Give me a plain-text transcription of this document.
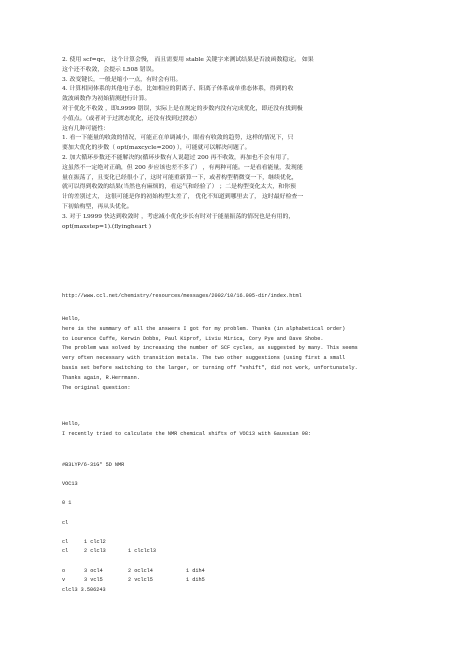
2. 使用 scf=qc， 这个计算会慢， 而且需要用 stable 关键字来测试结果是否波函数稳定。 如果
这个还不收敛，会提示 L508 错误。
3. 改变键长，一般是缩小一点，有时会有用。
4. 计算相同体系的其他电子态，比如相应的阴离子、阳离子体系或单重态体系，得到的收
敛波函数作为初始猜测进行计算。
对于优化不收敛 ，即L9999 错误，实际上是在规定的步数内没有完成优化，即还没有找到极
小值点。（或者对于过渡态优化，还没有找到过渡态）
这有几种可能性：
1. 看一下能量的收敛的情况，可能正在单调减小，眼看有收敛的趋势，这样的情况下，只
要加大优化的步数（ opt(maxcycle=200) ），可能就可以解决问题了。
2. 加大循环步数还不能解决的(循环步数有人说超过 200 再不收敛，再加也不会有用了，
这虽然不一定绝对正确，但 200 步应该也差不多了） ，有两种可能。一是看看能量，发现能
量在振荡了，且变化已经很小了，这时可能重新算一下，或者构型稍微变一下，继续优化，
就可以得到收敛的结果(当然也有麻烦的，看运气和经验了） ；二是构型变化太大，和你预
计的差别过大， 这很可能是你的初始构型太差了， 优化不知道到哪里去了， 这时最好检查一
下初始构型，再从头优化。
3. 对于 L9999 快达到收敛时 ，考虑减小优化步长有时对于能量振荡的情况也是有用的，
opt(maxstep=1).(flyingheart )
http://www.ccl.net/chemistry/resources/messages/2002/10/16.005-dir/index.html
Hello,
here is the summary of all the answers I got for my problem. Thanks (in alphabetical order)
to Lourence Cuffe, Kerwin Dobbs, Paul Kiprof, Liviu Mirica, Cory Pye and Dave Shobe.
The problem was solved by increasing the number of SCF cycles, as suggested by many. This seems
very often necessary with transition metals. The two other suggestions (using first a small
basis set before switching to the larger, or turning off "vshift", did not work, unfortunately.
Thanks again, R.Herrmann.
The original question:
Hello,
I recently tried to calculate the NMR chemical shifts of VOC13 with Gaussian 98:
#B3LYP/6-31G* 5D NMR
VOC13
0 1
cl
cl	1 clcl2
cl	2 clcl3	1 clclcl3
o	3 ocl4	2 oclcl4	1 dih4
v	3 vcl5	2 vclcl5	1 dih5
clcl3 3.506243
